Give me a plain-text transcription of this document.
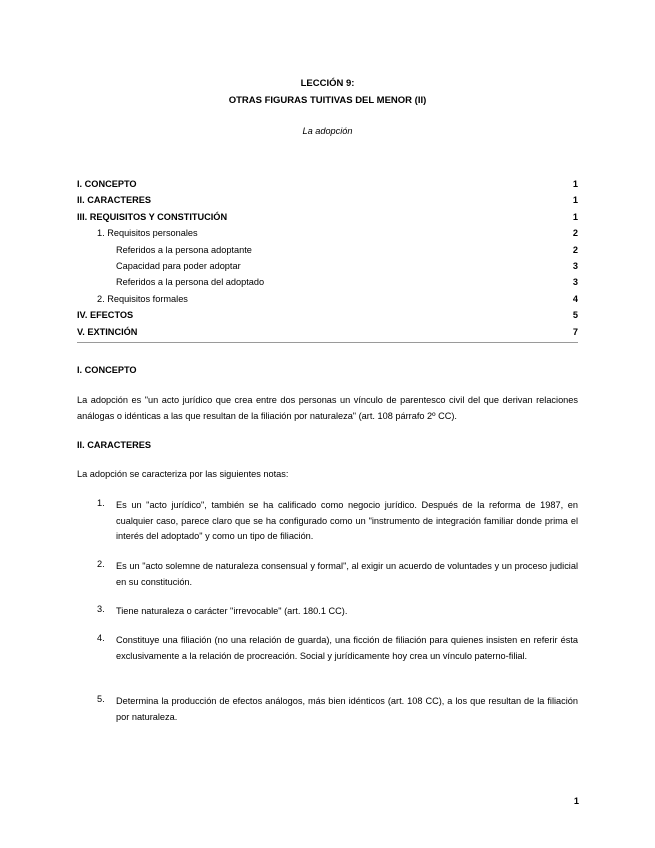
LECCIÓN 9:
OTRAS FIGURAS TUITIVAS DEL MENOR (II)
La adopción
I. CONCEPTO	1
II. CARACTERES	1
III. REQUISITOS Y CONSTITUCIÓN	1
1. Requisitos personales	2
Referidos a la persona adoptante	2
Capacidad para poder adoptar	3
Referidos a la persona del adoptado	3
2. Requisitos formales	4
IV. EFECTOS	5
V. EXTINCIÓN	7
I. CONCEPTO
La adopción es "un acto jurídico que crea entre dos personas un vínculo de parentesco civil del que derivan relaciones análogas o idénticas a las que resultan de la filiación por naturaleza" (art. 108 párrafo 2º CC).
II. CARACTERES
La adopción se caracteriza por las siguientes notas:
1. Es un "acto jurídico", también se ha calificado como negocio jurídico. Después de la reforma de 1987, en cualquier caso, parece claro que se ha configurado como un "instrumento de integración familiar donde prima el interés del adoptado" y como un tipo de filiación.
2. Es un "acto solemne de naturaleza consensual y formal", al exigir un acuerdo de voluntades y un proceso judicial en su constitución.
3. Tiene naturaleza o carácter "irrevocable" (art. 180.1 CC).
4. Constituye una filiación (no una relación de guarda), una ficción de filiación para quienes insisten en referir ésta exclusivamente a la relación de procreación. Social y jurídicamente hoy crea un vínculo paterno-filial.
5. Determina la producción de efectos análogos, más bien idénticos (art. 108 CC), a los que resultan de la filiación por naturaleza.
1
